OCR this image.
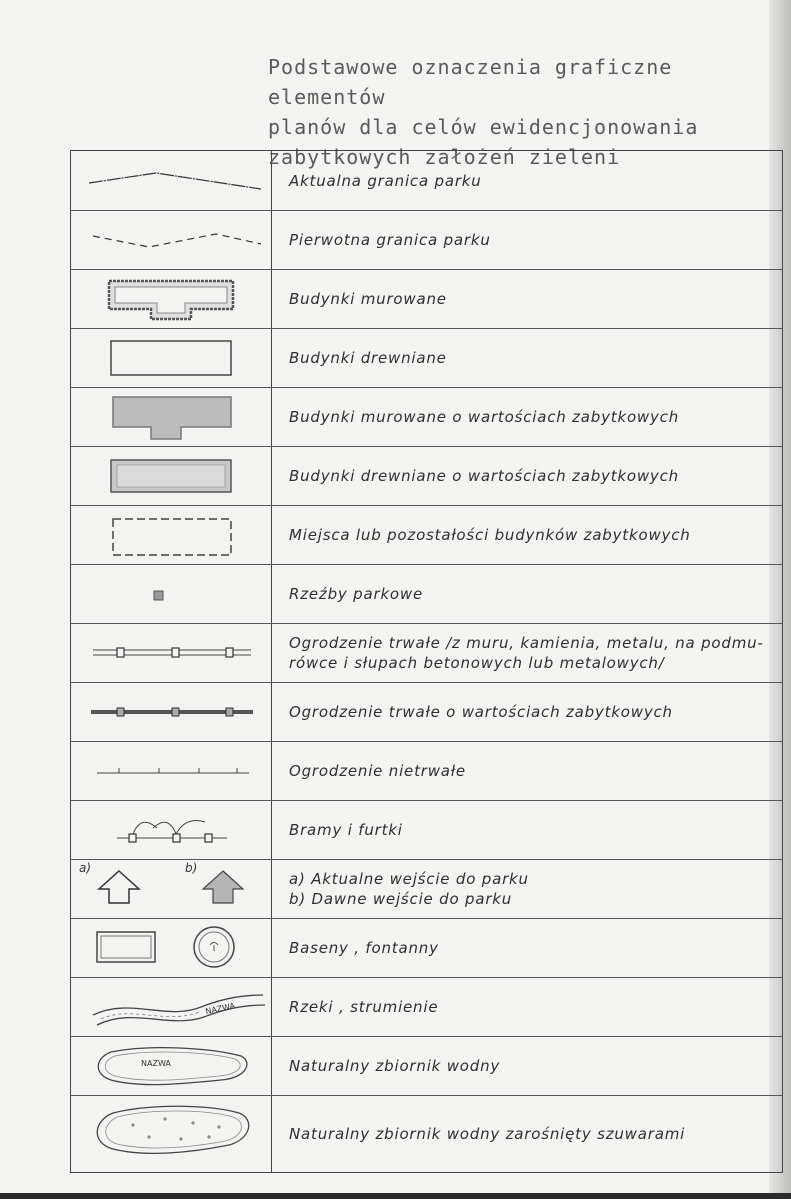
Podstawowe oznaczenia graficzne elementów
planów dla celów ewidencjonowania
zabytkowych założeń zieleni
Aktualna granica parku
Pierwotna granica parku
Budynki murowane
Budynki drewniane
Budynki murowane o wartościach zabytkowych
Budynki drewniane o wartościach zabytkowych
Miejsca lub pozostałości budynków zabytkowych
Rzeźby parkowe
Ogrodzenie trwałe /z muru, kamienia, metalu, na podmu-
rówce i słupach betonowych lub metalowych/
Ogrodzenie trwałe o wartościach zabytkowych
Ogrodzenie nietrwałe
Bramy i furtki
a)	b)
a) Aktualne wejście do parku
b) Dawne wejście do parku
Baseny , fontanny
NAZWA	Rzeki , strumienie
NAZWA	Naturalny zbiornik wodny
Naturalny zbiornik wodny zarośnięty szuwarami
